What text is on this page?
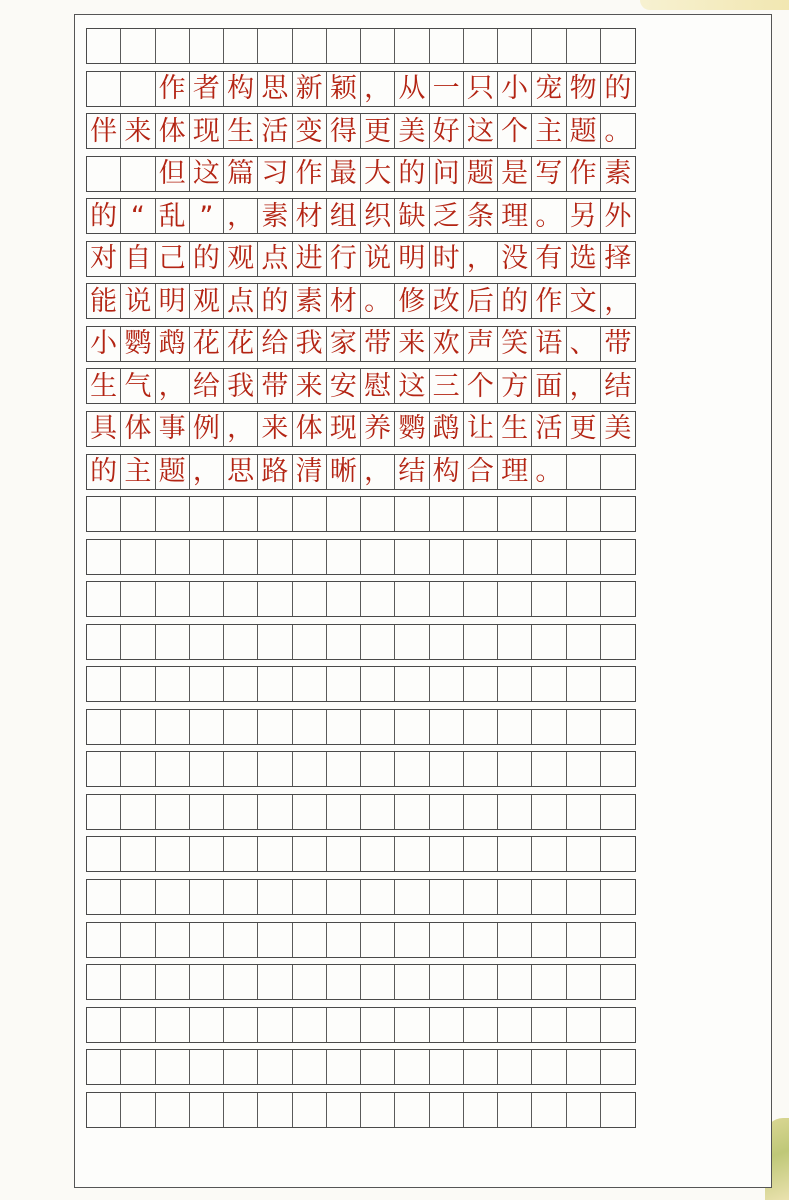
作 者 构 思 新 颖 ， 从 一 只 小 宠 物 的
伴 来 体 现 生 活 变 得 更 美 好 这 个 主 题 。
但 这 篇 习 作 最 大 的 问 题 是 写 作 素
的 “ 乱 ” ， 素 材 组 织 缺 乏 条 理 。 另 外
对 自 己 的 观 点 进 行 说 明 时 ， 没 有 选 择
能 说 明 观 点 的 素 材 。 修 改 后 的 作 文 ，
小 鹦 鹉 花 花 给 我 家 带 来 欢 声 笑 语 、 带
生 气 ， 给 我 带 来 安 慰 这 三 个 方 面 ， 结
具 体 事 例 ， 来 体 现 养 鹦 鹉 让 生 活 更 美
的 主 题 ， 思 路 清 晰 ， 结 构 合 理 。
